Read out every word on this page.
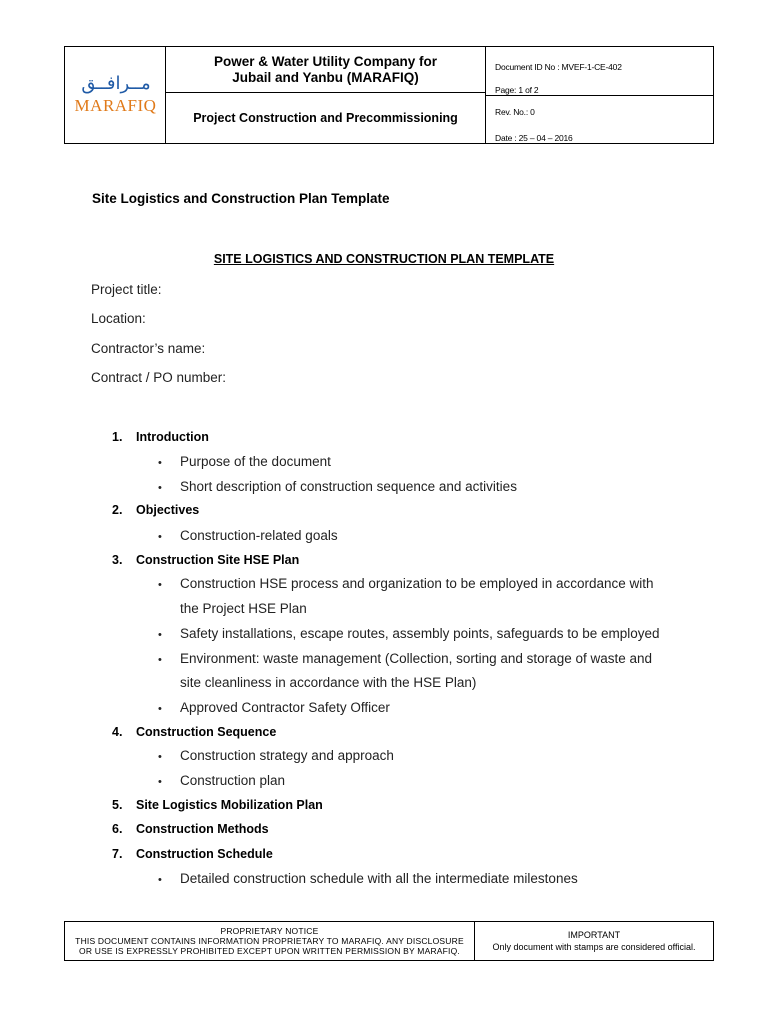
مــرافــق
MARAFIQ
Power & Water Utility Company for
Jubail and Yanbu (MARAFIQ)
Project Construction and Precommissioning
Document ID No : MVEF-1-CE-402
Page: 1 of 2
Rev. No.: 0
Date : 25 – 04 – 2016
Site Logistics and Construction Plan Template
SITE LOGISTICS AND CONSTRUCTION PLAN TEMPLATE
Project title:
Location:
Contractor’s name:
Contract / PO number:
1. Introduction
• Purpose of the document
• Short description of construction sequence and activities
2. Objectives
• Construction-related goals
3. Construction Site HSE Plan
• Construction HSE process and organization to be employed in accordance with
the Project HSE Plan
• Safety installations, escape routes, assembly points, safeguards to be employed
• Environment: waste management (Collection, sorting and storage of waste and
site cleanliness in accordance with the HSE Plan)
• Approved Contractor Safety Officer
4. Construction Sequence
• Construction strategy and approach
• Construction plan
5. Site Logistics Mobilization Plan
6. Construction Methods
7. Construction Schedule
• Detailed construction schedule with all the intermediate milestones
PROPRIETARY NOTICE
THIS DOCUMENT CONTAINS INFORMATION PROPRIETARY TO MARAFIQ. ANY DISCLOSURE
OR USE IS EXPRESSLY PROHIBITED EXCEPT UPON WRITTEN PERMISSION BY MARAFIQ.
IMPORTANT
Only document with stamps are considered official.
